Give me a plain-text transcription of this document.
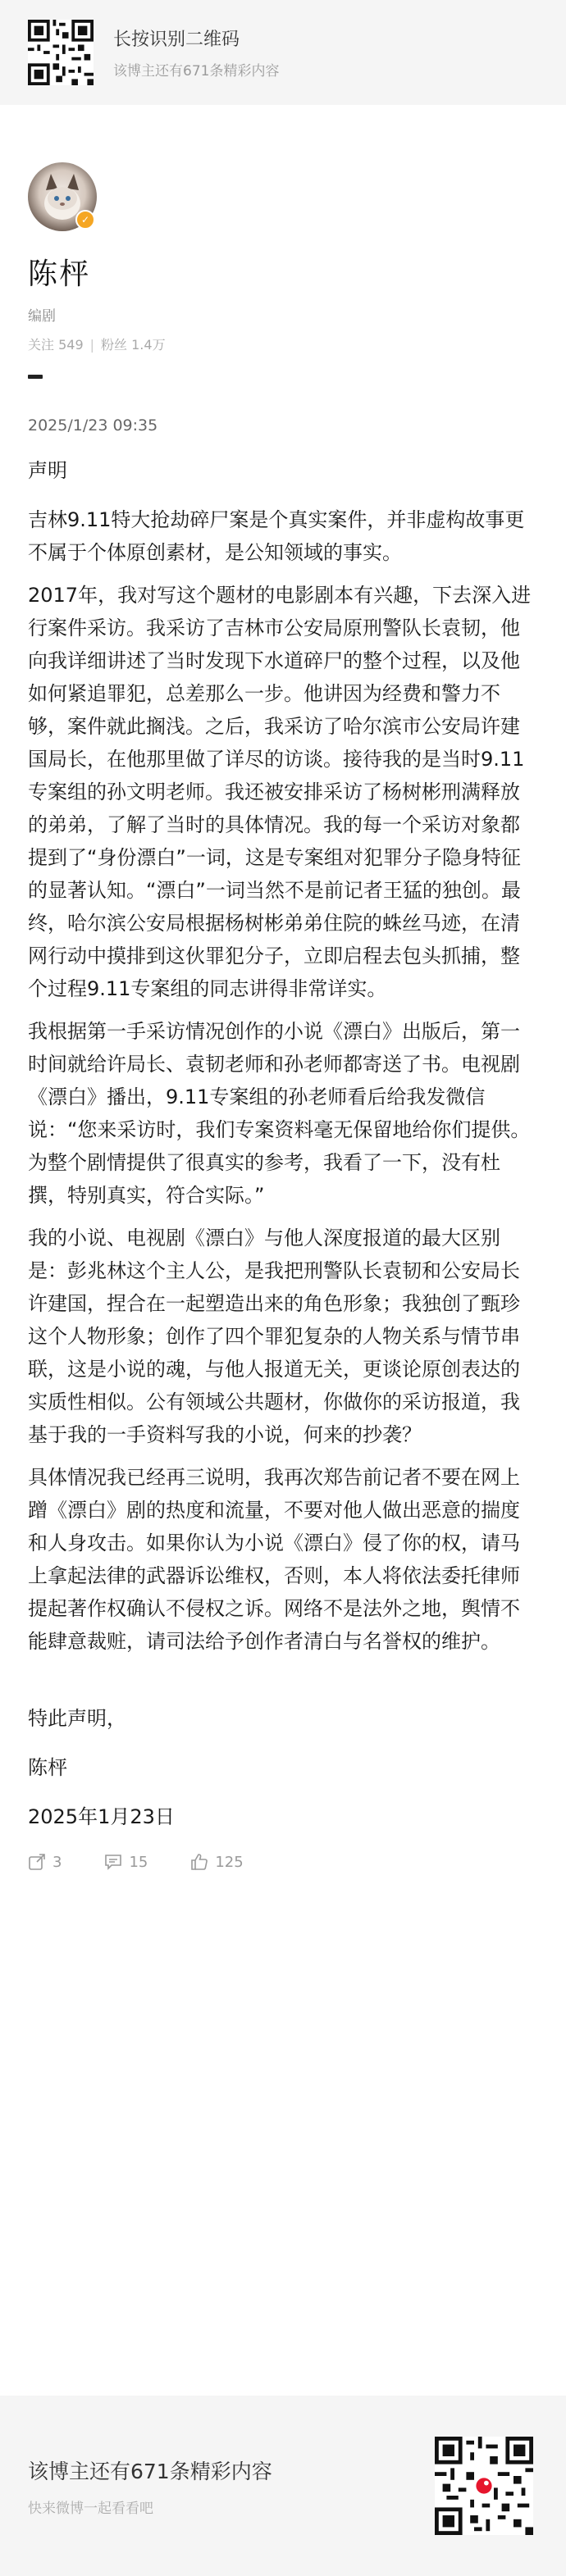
长按识别二维码
该博主还有671条精彩内容
✓
陈枰
编剧
关注 549 | 粉丝 1.4万
2025/1/23 09:35

声明

吉林9.11特大抢劫碎尸案是个真实案件，并非虚构故事更不属于个体原创素材，是公知领域的事实。

2017年，我对写这个题材的电影剧本有兴趣，下去深入进行案件采访。我采访了吉林市公安局原刑警队长袁韧，他向我详细讲述了当时发现下水道碎尸的整个过程，以及他如何紧追罪犯，总差那么一步。他讲因为经费和警力不够，案件就此搁浅。之后，我采访了哈尔滨市公安局许建国局长，在他那里做了详尽的访谈。接待我的是当时9.11专案组的孙文明老师。我还被安排采访了杨树彬刑满释放的弟弟，了解了当时的具体情况。我的每一个采访对象都提到了“身份漂白”一词，这是专案组对犯罪分子隐身特征的显著认知。“漂白”一词当然不是前记者王猛的独创。最终，哈尔滨公安局根据杨树彬弟弟住院的蛛丝马迹，在清网行动中摸排到这伙罪犯分子，立即启程去包头抓捕，整个过程9.11专案组的同志讲得非常详实。

我根据第一手采访情况创作的小说《漂白》出版后，第一时间就给许局长、袁韧老师和孙老师都寄送了书。电视剧《漂白》播出，9.11专案组的孙老师看后给我发微信说：“您来采访时，我们专案资料毫无保留地给你们提供。为整个剧情提供了很真实的参考，我看了一下，没有杜撰，特别真实，符合实际。”

我的小说、电视剧《漂白》与他人深度报道的最大区别是：彭兆林这个主人公，是我把刑警队长袁韧和公安局长许建国，捏合在一起塑造出来的角色形象；我独创了甄珍这个人物形象；创作了四个罪犯复杂的人物关系与情节串联，这是小说的魂，与他人报道无关，更谈论原创表达的实质性相似。公有领域公共题材，你做你的采访报道，我基于我的一手资料写我的小说，何来的抄袭？

具体情况我已经再三说明，我再次郑告前记者不要在网上蹭《漂白》剧的热度和流量，不要对他人做出恶意的揣度和人身攻击。如果你认为小说《漂白》侵了你的权，请马上拿起法律的武器诉讼维权，否则，本人将依法委托律师提起著作权确认不侵权之诉。网络不是法外之地，舆情不能肆意裁赃，请司法给予创作者清白与名誉权的维护。

特此声明，

陈枰

2025年1月23日

3	15	125
该博主还有671条精彩内容
快来微博一起看看吧
